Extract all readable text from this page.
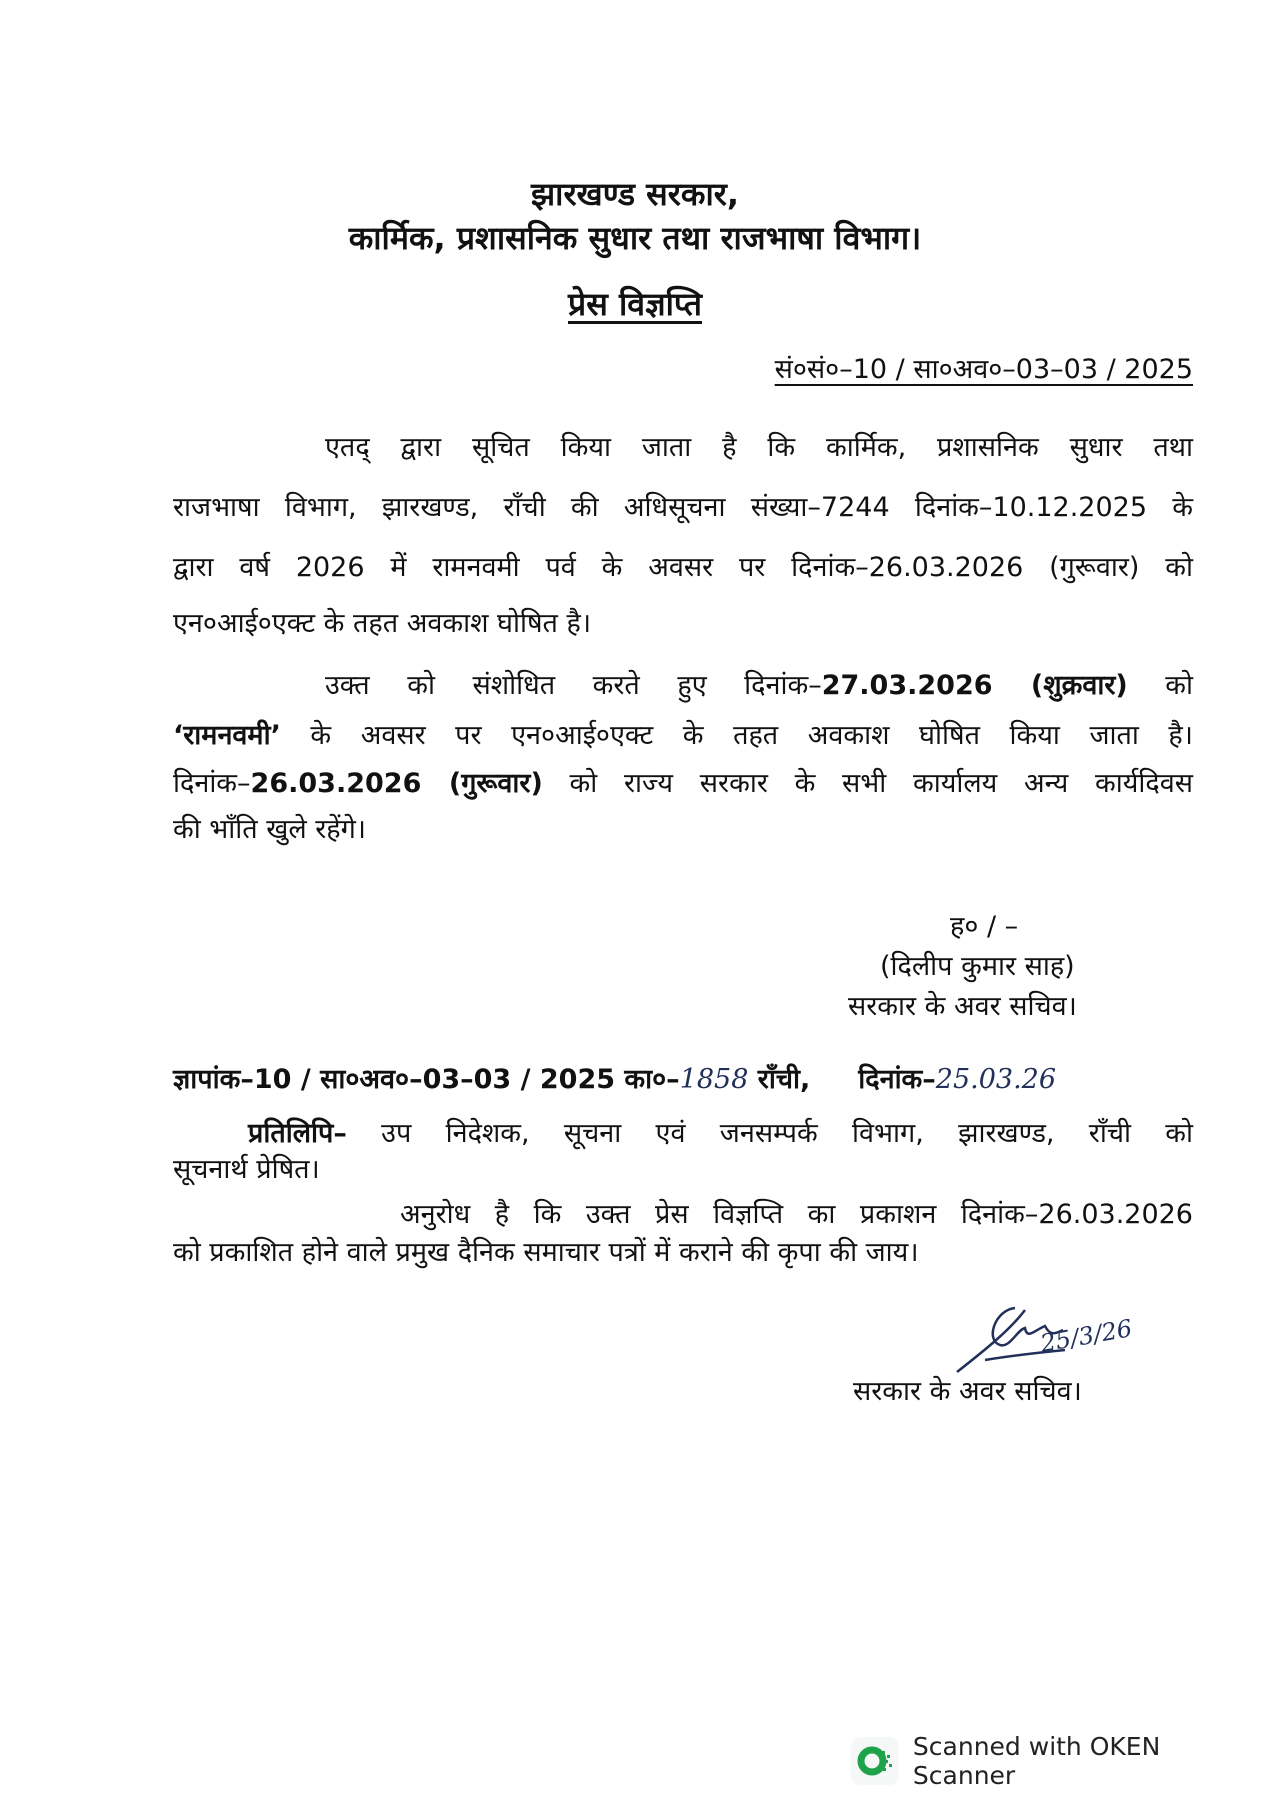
झारखण्ड सरकार,
कार्मिक, प्रशासनिक सुधार तथा राजभाषा विभाग।
प्रेस विज्ञप्ति
सं०सं०–10 / सा०अव०–03–03 / 2025
एतद् द्वारा सूचित किया जाता है कि कार्मिक, प्रशासनिक सुधार तथा
राजभाषा विभाग, झारखण्ड, राँची की अधिसूचना संख्या–7244 दिनांक–10.12.2025 के
द्वारा वर्ष 2026 में रामनवमी पर्व के अवसर पर दिनांक–26.03.2026 (गुरूवार) को
एन०आई०एक्ट के तहत अवकाश घोषित है।
उक्त को संशोधित करते हुए दिनांक–27.03.2026 (शुक्रवार) को
‘रामनवमी’ के अवसर पर एन०आई०एक्ट के तहत अवकाश घोषित किया जाता है।
दिनांक–26.03.2026 (गुरूवार) को राज्य सरकार के सभी कार्यालय अन्य कार्यदिवस
की भाँति खुले रहेंगे।
ह० / –
(दिलीप कुमार साह)
सरकार के अवर सचिव।
ज्ञापांक–10 / सा०अव०–03–03 / 2025 का०–1858 राँची, दिनांक–25.03.26
प्रतिलिपि– उप निदेशक, सूचना एवं जनसम्पर्क विभाग, झारखण्ड, राँची को
सूचनार्थ प्रेषित।
अनुरोध है कि उक्त प्रेस विज्ञप्ति का प्रकाशन दिनांक–26.03.2026
को प्रकाशित होने वाले प्रमुख दैनिक समाचार पत्रों में कराने की कृपा की जाय।
25/3/26
सरकार के अवर सचिव।
Scanned with OKEN Scanner
